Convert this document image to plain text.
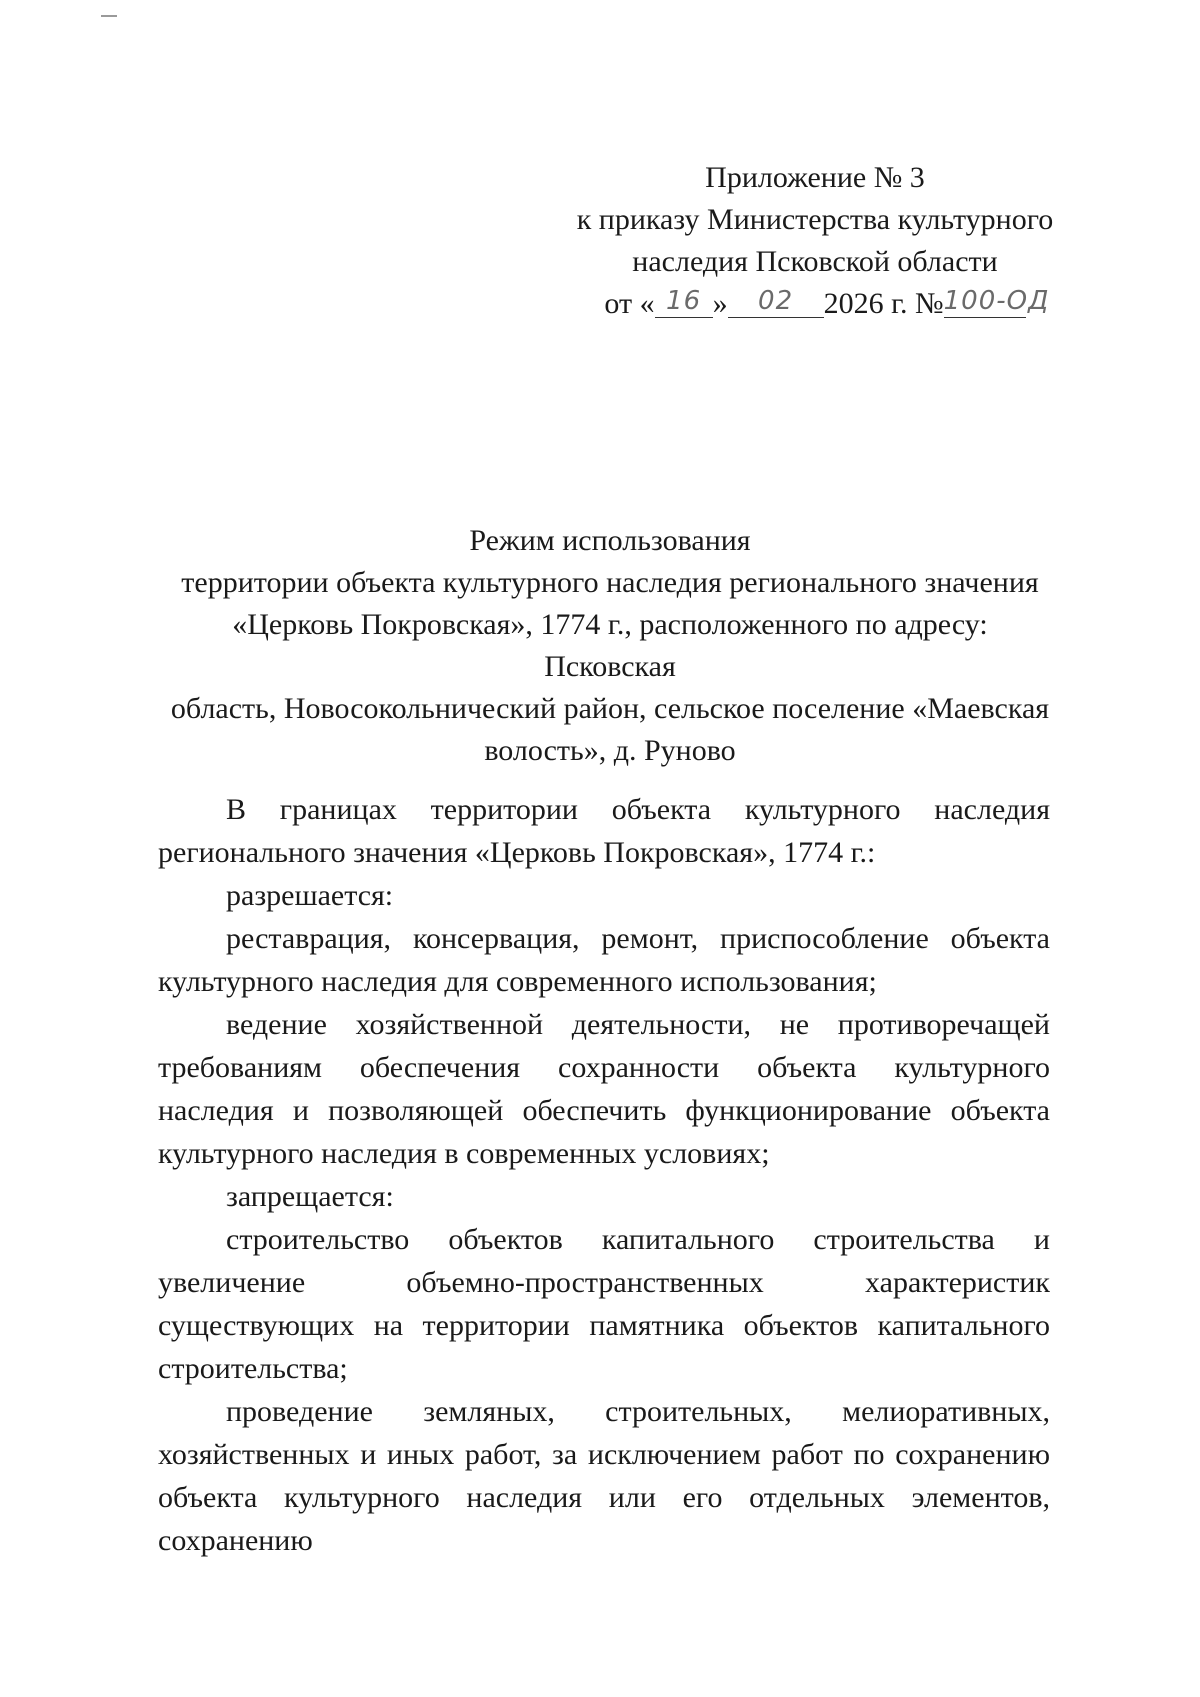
Приложение № 3
к приказу Министерства культурного
наследия Псковской области
от « 16 » 02 2026 г. №100-ОД
Режим использования
территории объекта культурного наследия регионального значения
«Церковь Покровская», 1774 г., расположенного по адресу: Псковская
область, Новосокольнический район, сельское поселение «Маевская
волость», д. Руново

В границах территории объекта культурного наследия регионального значения «Церковь Покровская», 1774 г.:

разрешается:

реставрация, консервация, ремонт, приспособление объекта культурного наследия для современного использования;

ведение хозяйственной деятельности, не противоречащей требованиям обеспечения сохранности объекта культурного наследия и позволяющей обеспечить функционирование объекта культурного наследия в современных условиях;

запрещается:

строительство объектов капитального строительства и увеличение объемно-пространственных характеристик существующих на территории памятника объектов капитального строительства;

проведение земляных, строительных, мелиоративных, хозяйственных и иных работ, за исключением работ по сохранению объекта культурного наследия или его отдельных элементов, сохранению
